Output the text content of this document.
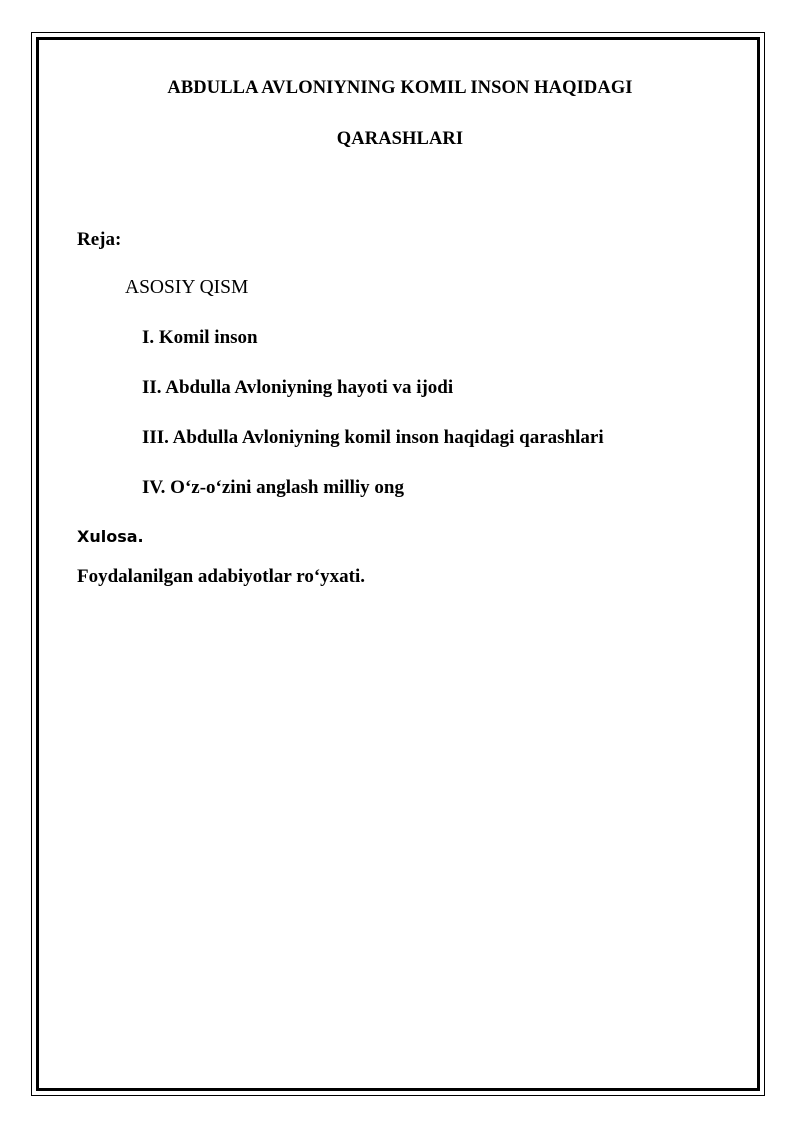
ABDULLA AVLONIYNING KOMIL INSON HAQIDAGI
QARASHLARI
Reja:
ASOSIY QISM
I. Komil inson
II. Abdulla Avloniyning hayoti va ijodi
III. Abdulla Avloniyning komil inson haqidagi qarashlari
IV. O‘z-o‘zini anglash milliy ong
Xulosa.
Foydalanilgan adabiyotlar ro‘yxati.
